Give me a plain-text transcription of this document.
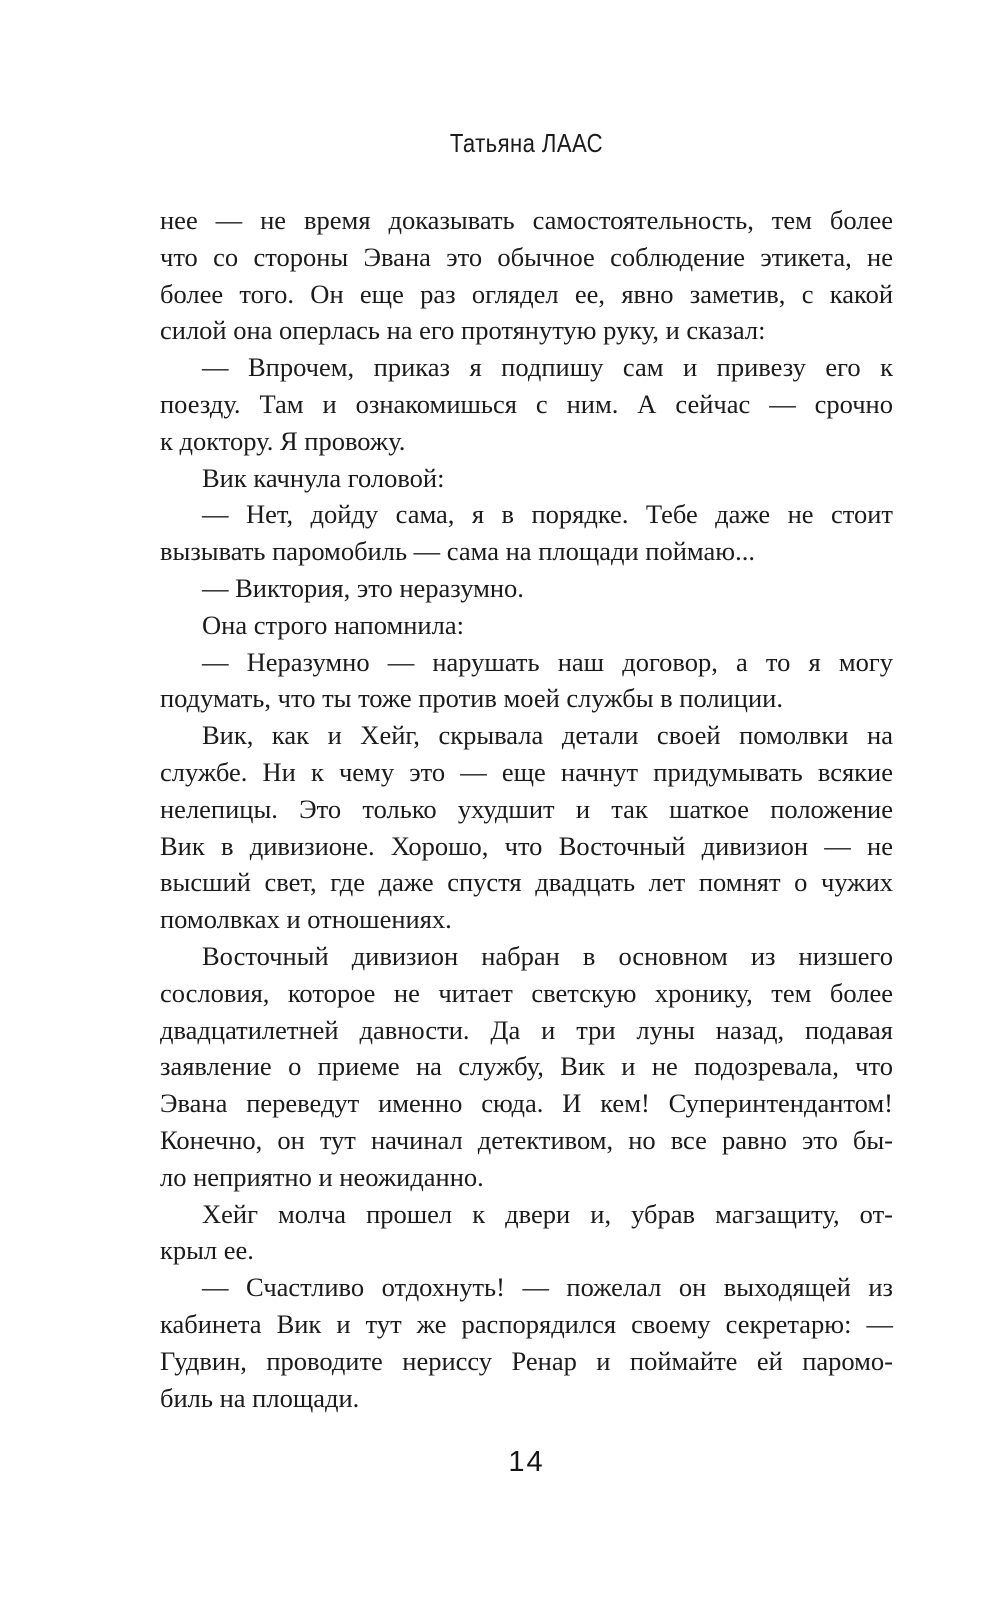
Татьяна ЛААС
нее — не время доказывать самостоятельность, тем более
что со стороны Эвана это обычное соблюдение этикета, не
более того. Он еще раз оглядел ее, явно заметив, с какой
силой она оперлась на его протянутую руку, и сказал:
— Впрочем, приказ я подпишу сам и привезу его к
поезду. Там и ознакомишься с ним. А сейчас — срочно
к доктору. Я провожу.
Вик качнула головой:
— Нет, дойду сама, я в порядке. Тебе даже не стоит
вызывать паромобиль — сама на площади поймаю...
— Виктория, это неразумно.
Она строго напомнила:
— Неразумно — нарушать наш договор, а то я могу
подумать, что ты тоже против моей службы в полиции.
Вик, как и Хейг, скрывала детали своей помолвки на
службе. Ни к чему это — еще начнут придумывать всякие
нелепицы. Это только ухудшит и так шаткое положение
Вик в дивизионе. Хорошо, что Восточный дивизион — не
высший свет, где даже спустя двадцать лет помнят о чужих
помолвках и отношениях.
Восточный дивизион набран в основном из низшего
сословия, которое не читает светскую хронику, тем более
двадцатилетней давности. Да и три луны назад, подавая
заявление о приеме на службу, Вик и не подозревала, что
Эвана переведут именно сюда. И кем! Суперинтендантом!
Конечно, он тут начинал детективом, но все равно это бы-
ло неприятно и неожиданно.
Хейг молча прошел к двери и, убрав магзащиту, от-
крыл ее.
— Счастливо отдохнуть! — пожелал он выходящей из
кабинета Вик и тут же распорядился своему секретарю: —
Гудвин, проводите нериссу Ренар и поймайте ей паромо-
биль на площади.
14
